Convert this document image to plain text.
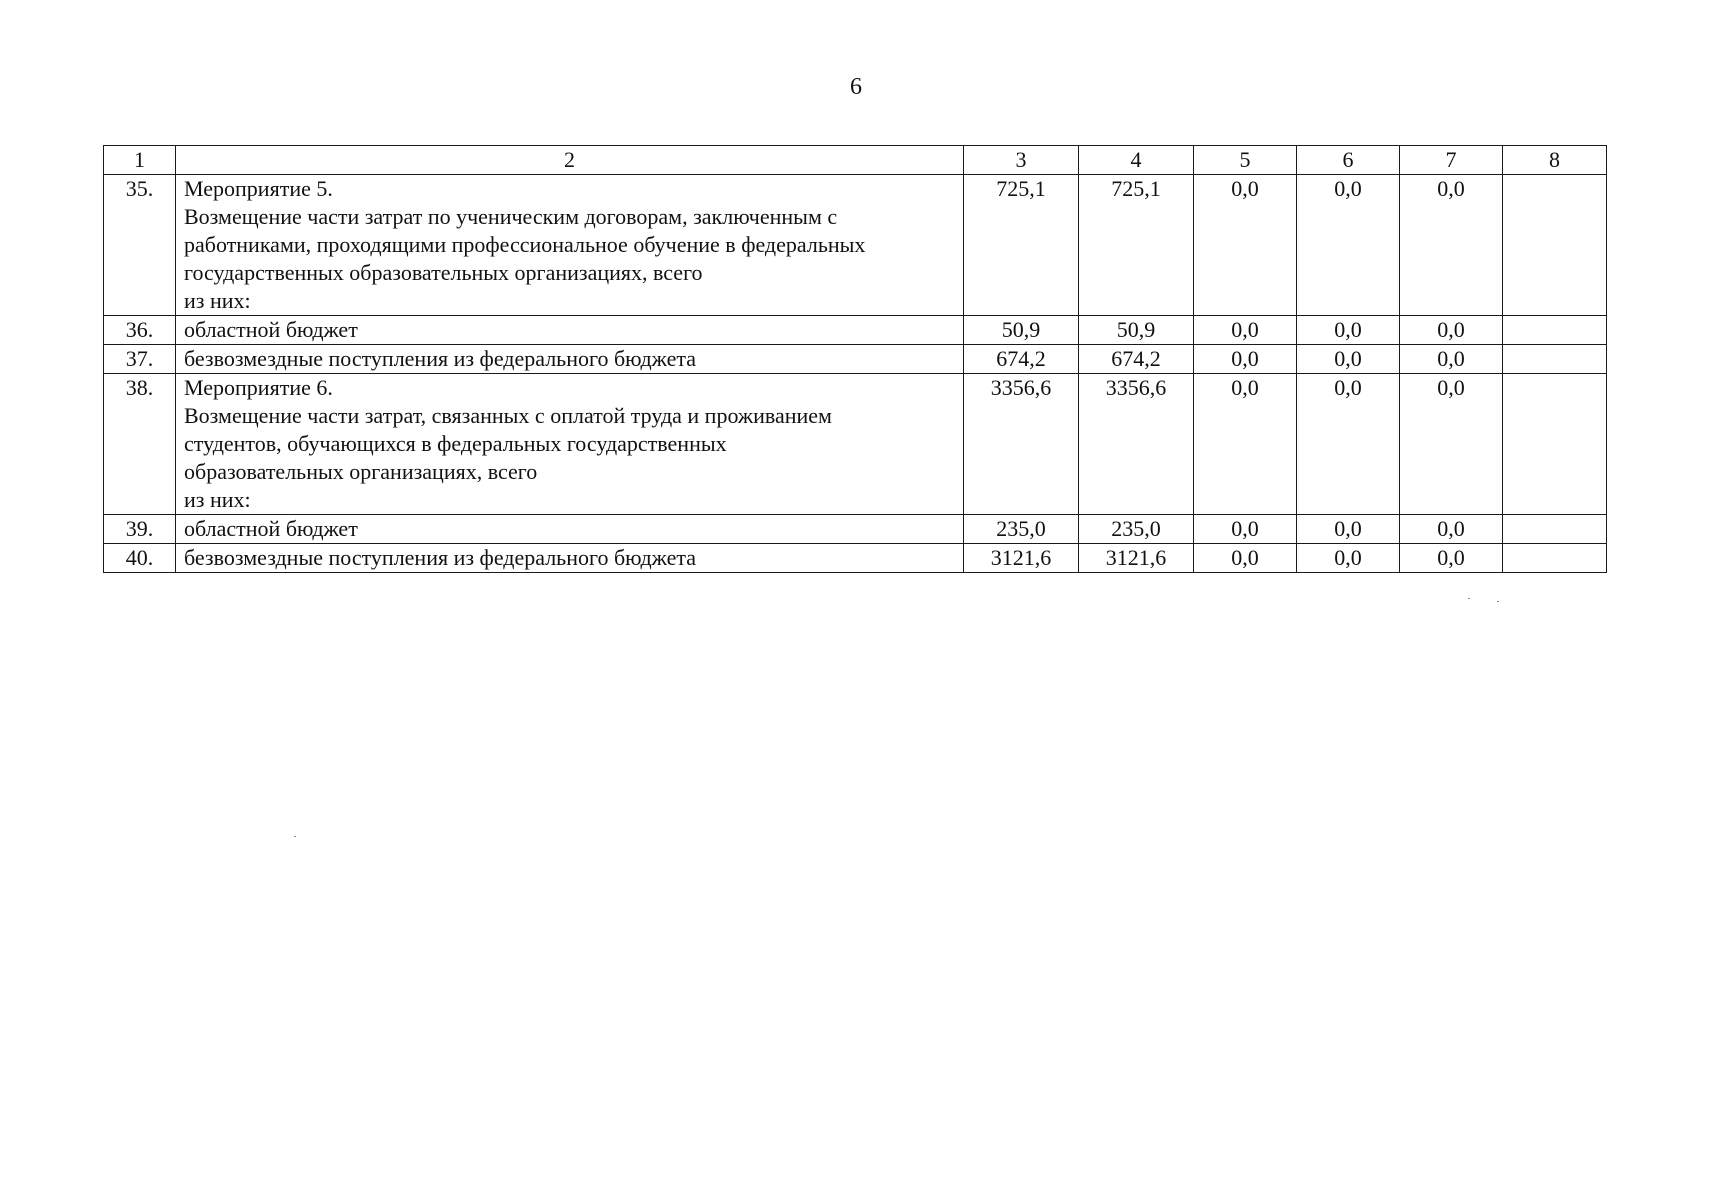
6
1	2	3	4	5	6	7	8
35.	Мероприятие 5.
Возмещение части затрат по ученическим договорам, заключенным с
работниками, проходящими профессиональное обучение в федеральных
государственных образовательных организациях, всего
из них:	725,1	725,1	0,0	0,0	0,0	
36.	областной бюджет	50,9	50,9	0,0	0,0	0,0	
37.	безвозмездные поступления из федерального бюджета	674,2	674,2	0,0	0,0	0,0	
38.	Мероприятие 6.
Возмещение части затрат, связанных с оплатой труда и проживанием
студентов, обучающихся в федеральных государственных
образовательных организациях, всего
из них:	3356,6	3356,6	0,0	0,0	0,0	
39.	областной бюджет	235,0	235,0	0,0	0,0	0,0	
40.	безвозмездные поступления из федерального бюджета	3121,6	3121,6	0,0	0,0	0,0	
